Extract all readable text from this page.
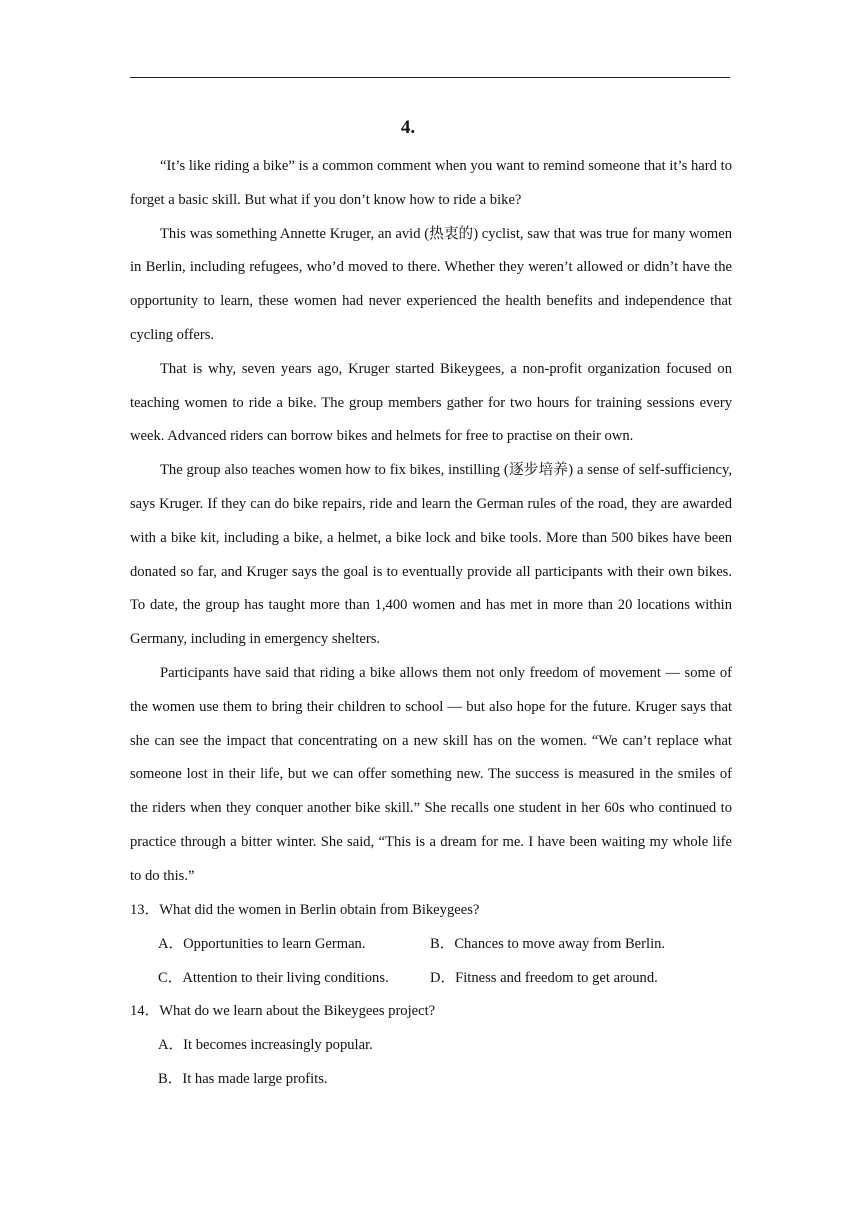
4.

“It’s like riding a bike” is a common comment when you want to remind someone that it’s hard to forget a basic skill. But what if you don’t know how to ride a bike?

This was something Annette Kruger, an avid (热衷的) cyclist, saw that was true for many women in Berlin, including refugees, who’d moved to there. Whether they weren’t allowed or didn’t have the opportunity to learn, these women had never experienced the health benefits and independence that cycling offers.

That is why, seven years ago, Kruger started Bikeygees, a non-profit organization focused on teaching women to ride a bike. The group members gather for two hours for training sessions every week. Advanced riders can borrow bikes and helmets for free to practise on their own.

The group also teaches women how to fix bikes, instilling (逐步培养) a sense of self-sufficiency, says Kruger. If they can do bike repairs, ride and learn the German rules of the road, they are awarded with a bike kit, including a bike, a helmet, a bike lock and bike tools. More than 500 bikes have been donated so far, and Kruger says the goal is to eventually provide all participants with their own bikes. To date, the group has taught more than 1,400 women and has met in more than 20 locations within Germany, including in emergency shelters.

Participants have said that riding a bike allows them not only freedom of movement — some of the women use them to bring their children to school — but also hope for the future. Kruger says that she can see the impact that concentrating on a new skill has on the women. “We can’t replace what someone lost in their life, but we can offer something new. The success is measured in the smiles of the riders when they conquer another bike skill.” She recalls one student in her 60s who continued to practice through a bitter winter. She said, “This is a dream for me. I have been waiting my whole life to do this.”

13．What did the women in Berlin obtain from Bikeygees?
A．Opportunities to learn German.	B．Chances to move away from Berlin.
C．Attention to their living conditions.	D．Fitness and freedom to get around.
14．What do we learn about the Bikeygees project?
A．It becomes increasingly popular.
B．It has made large profits.
